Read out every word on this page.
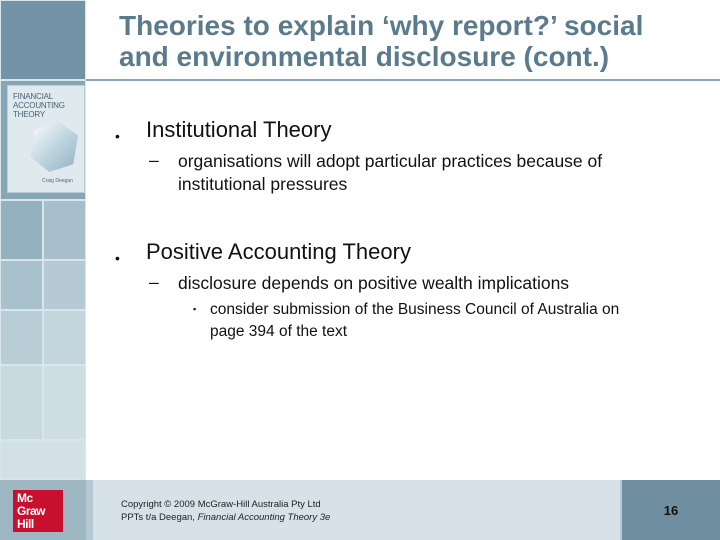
FINANCIAL
ACCOUNTING
THEORY
Craig Deegan
Mc
Graw
Hill
Theories to explain ‘why report?’ social
and environmental disclosure (cont.)
• Institutional Theory
– organisations will adopt particular practices because of
institutional pressures
• Positive Accounting Theory
– disclosure depends on positive wealth implications
▪ consider submission of the Business Council of Australia on
page 394 of the text
Copyright © 2009 McGraw-Hill Australia Pty Ltd
PPTs t/a Deegan, Financial Accounting Theory 3e	16
